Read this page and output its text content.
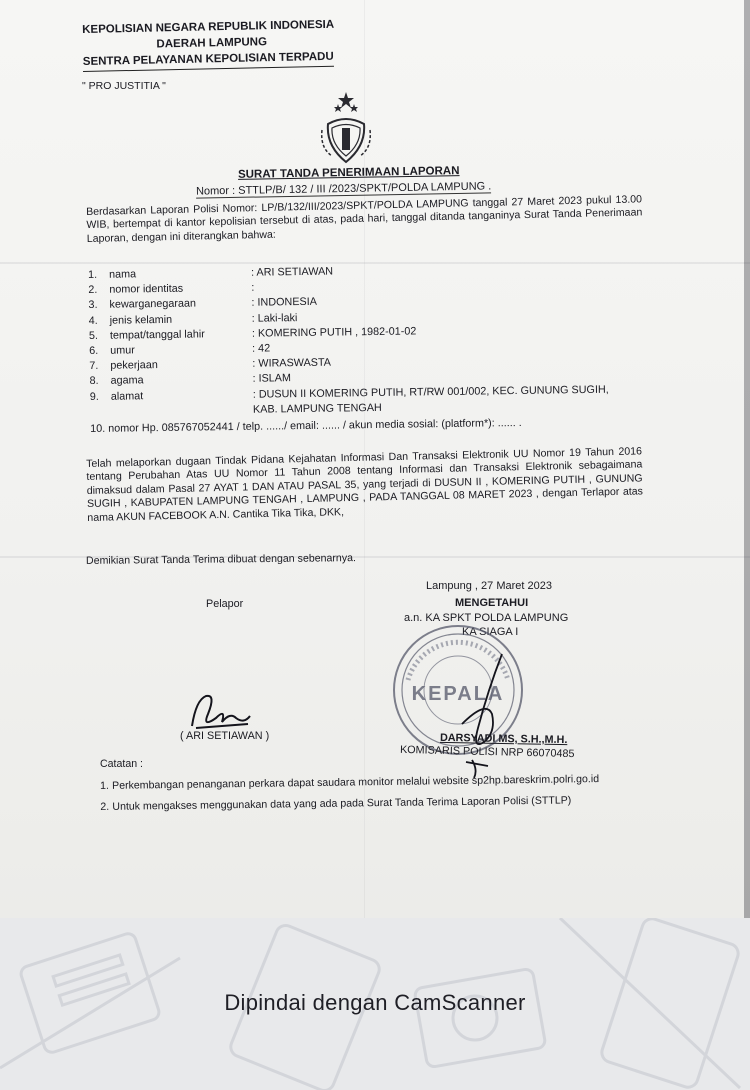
KEPOLISIAN NEGARA REPUBLIK INDONESIA
DAERAH LAMPUNG
SENTRA PELAYANAN KEPOLISIAN TERPADU
" PRO JUSTITIA "
SURAT TANDA PENERIMAAN LAPORAN
Nomor : STTLP/B/ 132 / III /2023/SPKT/POLDA LAMPUNG .
Berdasarkan Laporan Polisi Nomor: LP/B/132/III/2023/SPKT/POLDA LAMPUNG tanggal 27 Maret 2023 pukul 13.00 WIB, bertempat di kantor kepolisian tersebut di atas, pada hari, tanggal ditanda tanganinya Surat Tanda Penerimaan Laporan, dengan ini diterangkan bahwa:
1.	nama	: ARI SETIAWAN
2.	nomor identitas	:
3.	kewarganegaraan	: INDONESIA
4.	jenis kelamin	: Laki-laki
5.	tempat/tanggal lahir	: KOMERING PUTIH , 1982-01-02
6.	umur	: 42
7.	pekerjaan	: WIRASWASTA
8.	agama	: ISLAM
9.	alamat	: DUSUN II KOMERING PUTIH, RT/RW 001/002, KEC. GUNUNG SUGIH, KAB. LAMPUNG TENGAH
10. nomor Hp. 085767052441 / telp. ....../ email: ...... / akun media sosial: (platform*): ...... .
Telah melaporkan dugaan Tindak Pidana Kejahatan Informasi Dan Transaksi Elektronik UU Nomor 19 Tahun 2016 tentang Perubahan Atas UU Nomor 11 Tahun 2008 tentang Informasi dan Transaksi Elektronik sebagaimana dimaksud dalam Pasal 27 AYAT 1 DAN ATAU PASAL 35, yang terjadi di DUSUN II , KOMERING PUTIH , GUNUNG SUGIH , KABUPATEN LAMPUNG TENGAH , LAMPUNG , PADA TANGGAL 08 MARET 2023 , dengan Terlapor atas nama AKUN FACEBOOK A.N. Cantika Tika Tika, DKK,
Demikian Surat Tanda Terima dibuat dengan sebenarnya.
Pelapor
Lampung , 27 Maret 2023
MENGETAHUI
a.n. KA SPKT POLDA LAMPUNG
KA SIAGA I
KEPALA
( ARI SETIAWAN )	DARSYADI MS, S.H.,M.H.
KOMISARIS POLISI NRP 66070485
Catatan :
1. Perkembangan penanganan perkara dapat saudara monitor melalui website sp2hp.bareskrim.polri.go.id
2. Untuk mengakses menggunakan data yang ada pada Surat Tanda Terima Laporan Polisi (STTLP)
Dipindai dengan CamScanner
